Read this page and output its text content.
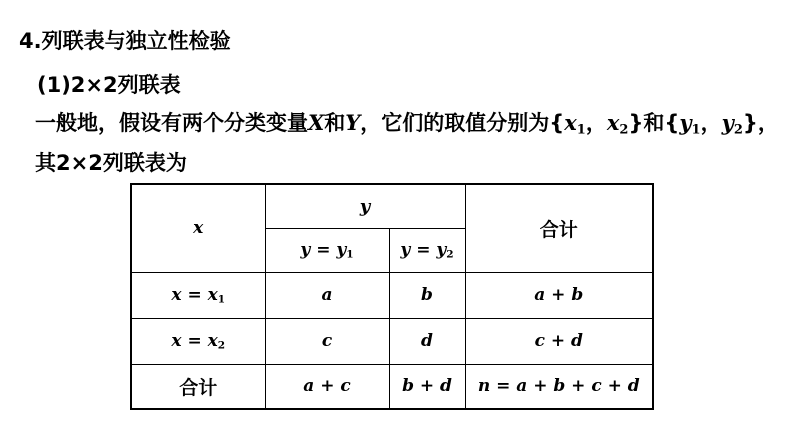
4.列联表与独立性检验
(1)2×2列联表
一般地，假设有两个分类变量X和Y，它们的取值分别为{$x_1$，$x_2$}和{$y_1$，$y_2$}，
其2×2列联表为
x	y		合计
	$y = y_1$	$y = y_2$
$x = x_1$	a	b	a + b
$x = x_2$	c	d	c + d
合计	a + c	b + d	n = a + b + c + d
